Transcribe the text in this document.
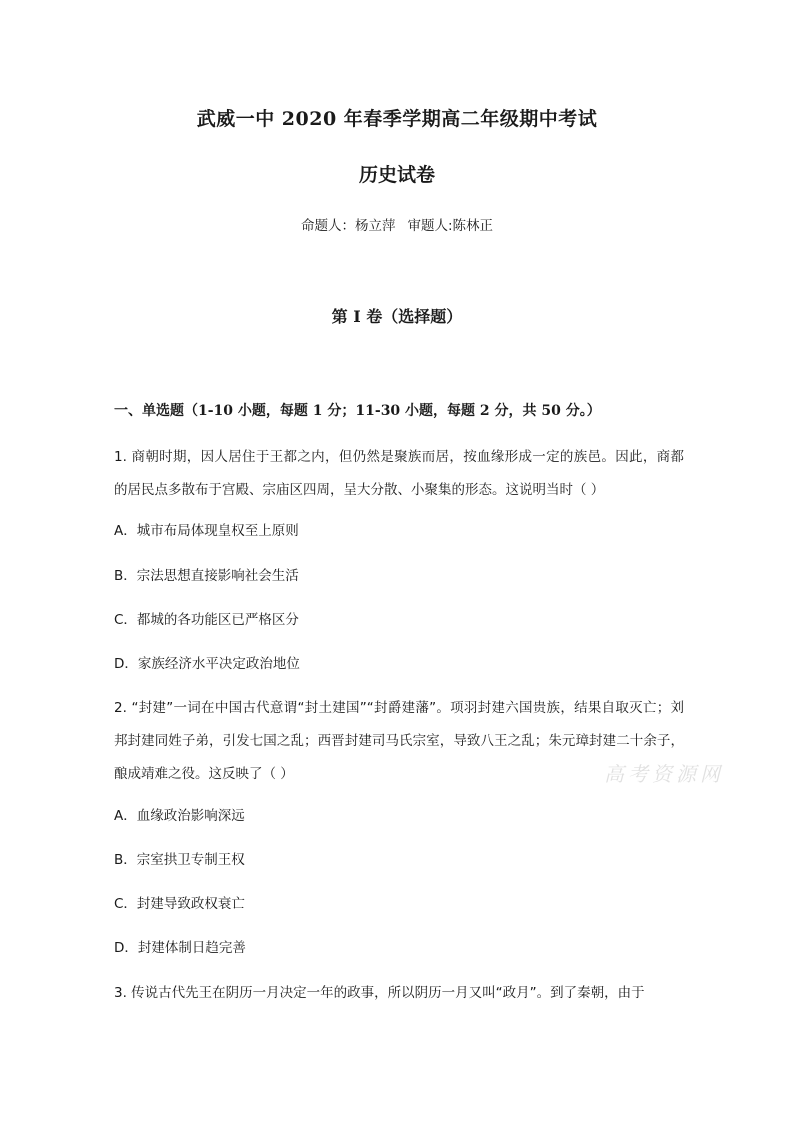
武威一中 2020 年春季学期高二年级期中考试
历史试卷
命题人：杨立萍 审题人:陈林正
第 I 卷（选择题）
一、单选题（1-10 小题，每题 1 分；11-30 小题，每题 2 分，共 50 分。）
1. 商朝时期，因人居住于王都之内，但仍然是聚族而居，按血缘形成一定的族邑。因此，商都的居民点多散布于宫殿、宗庙区四周，呈大分散、小聚集的形态。这说明当时（ ）
A．城市布局体现皇权至上原则
B．宗法思想直接影响社会生活
C．都城的各功能区已严格区分
D．家族经济水平决定政治地位
2. “封建”一词在中国古代意谓“封土建国”“封爵建藩”。项羽封建六国贵族，结果自取灭亡；刘邦封建同姓子弟，引发七国之乱；西晋封建司马氏宗室，导致八王之乱；朱元璋封建二十余子，酿成靖难之役。这反映了（ ）
A．血缘政治影响深远
B．宗室拱卫专制王权
C．封建导致政权衰亡
D．封建体制日趋完善
3. 传说古代先王在阴历一月决定一年的政事，所以阴历一月又叫“政月”。到了秦朝，由于
高考资源网
